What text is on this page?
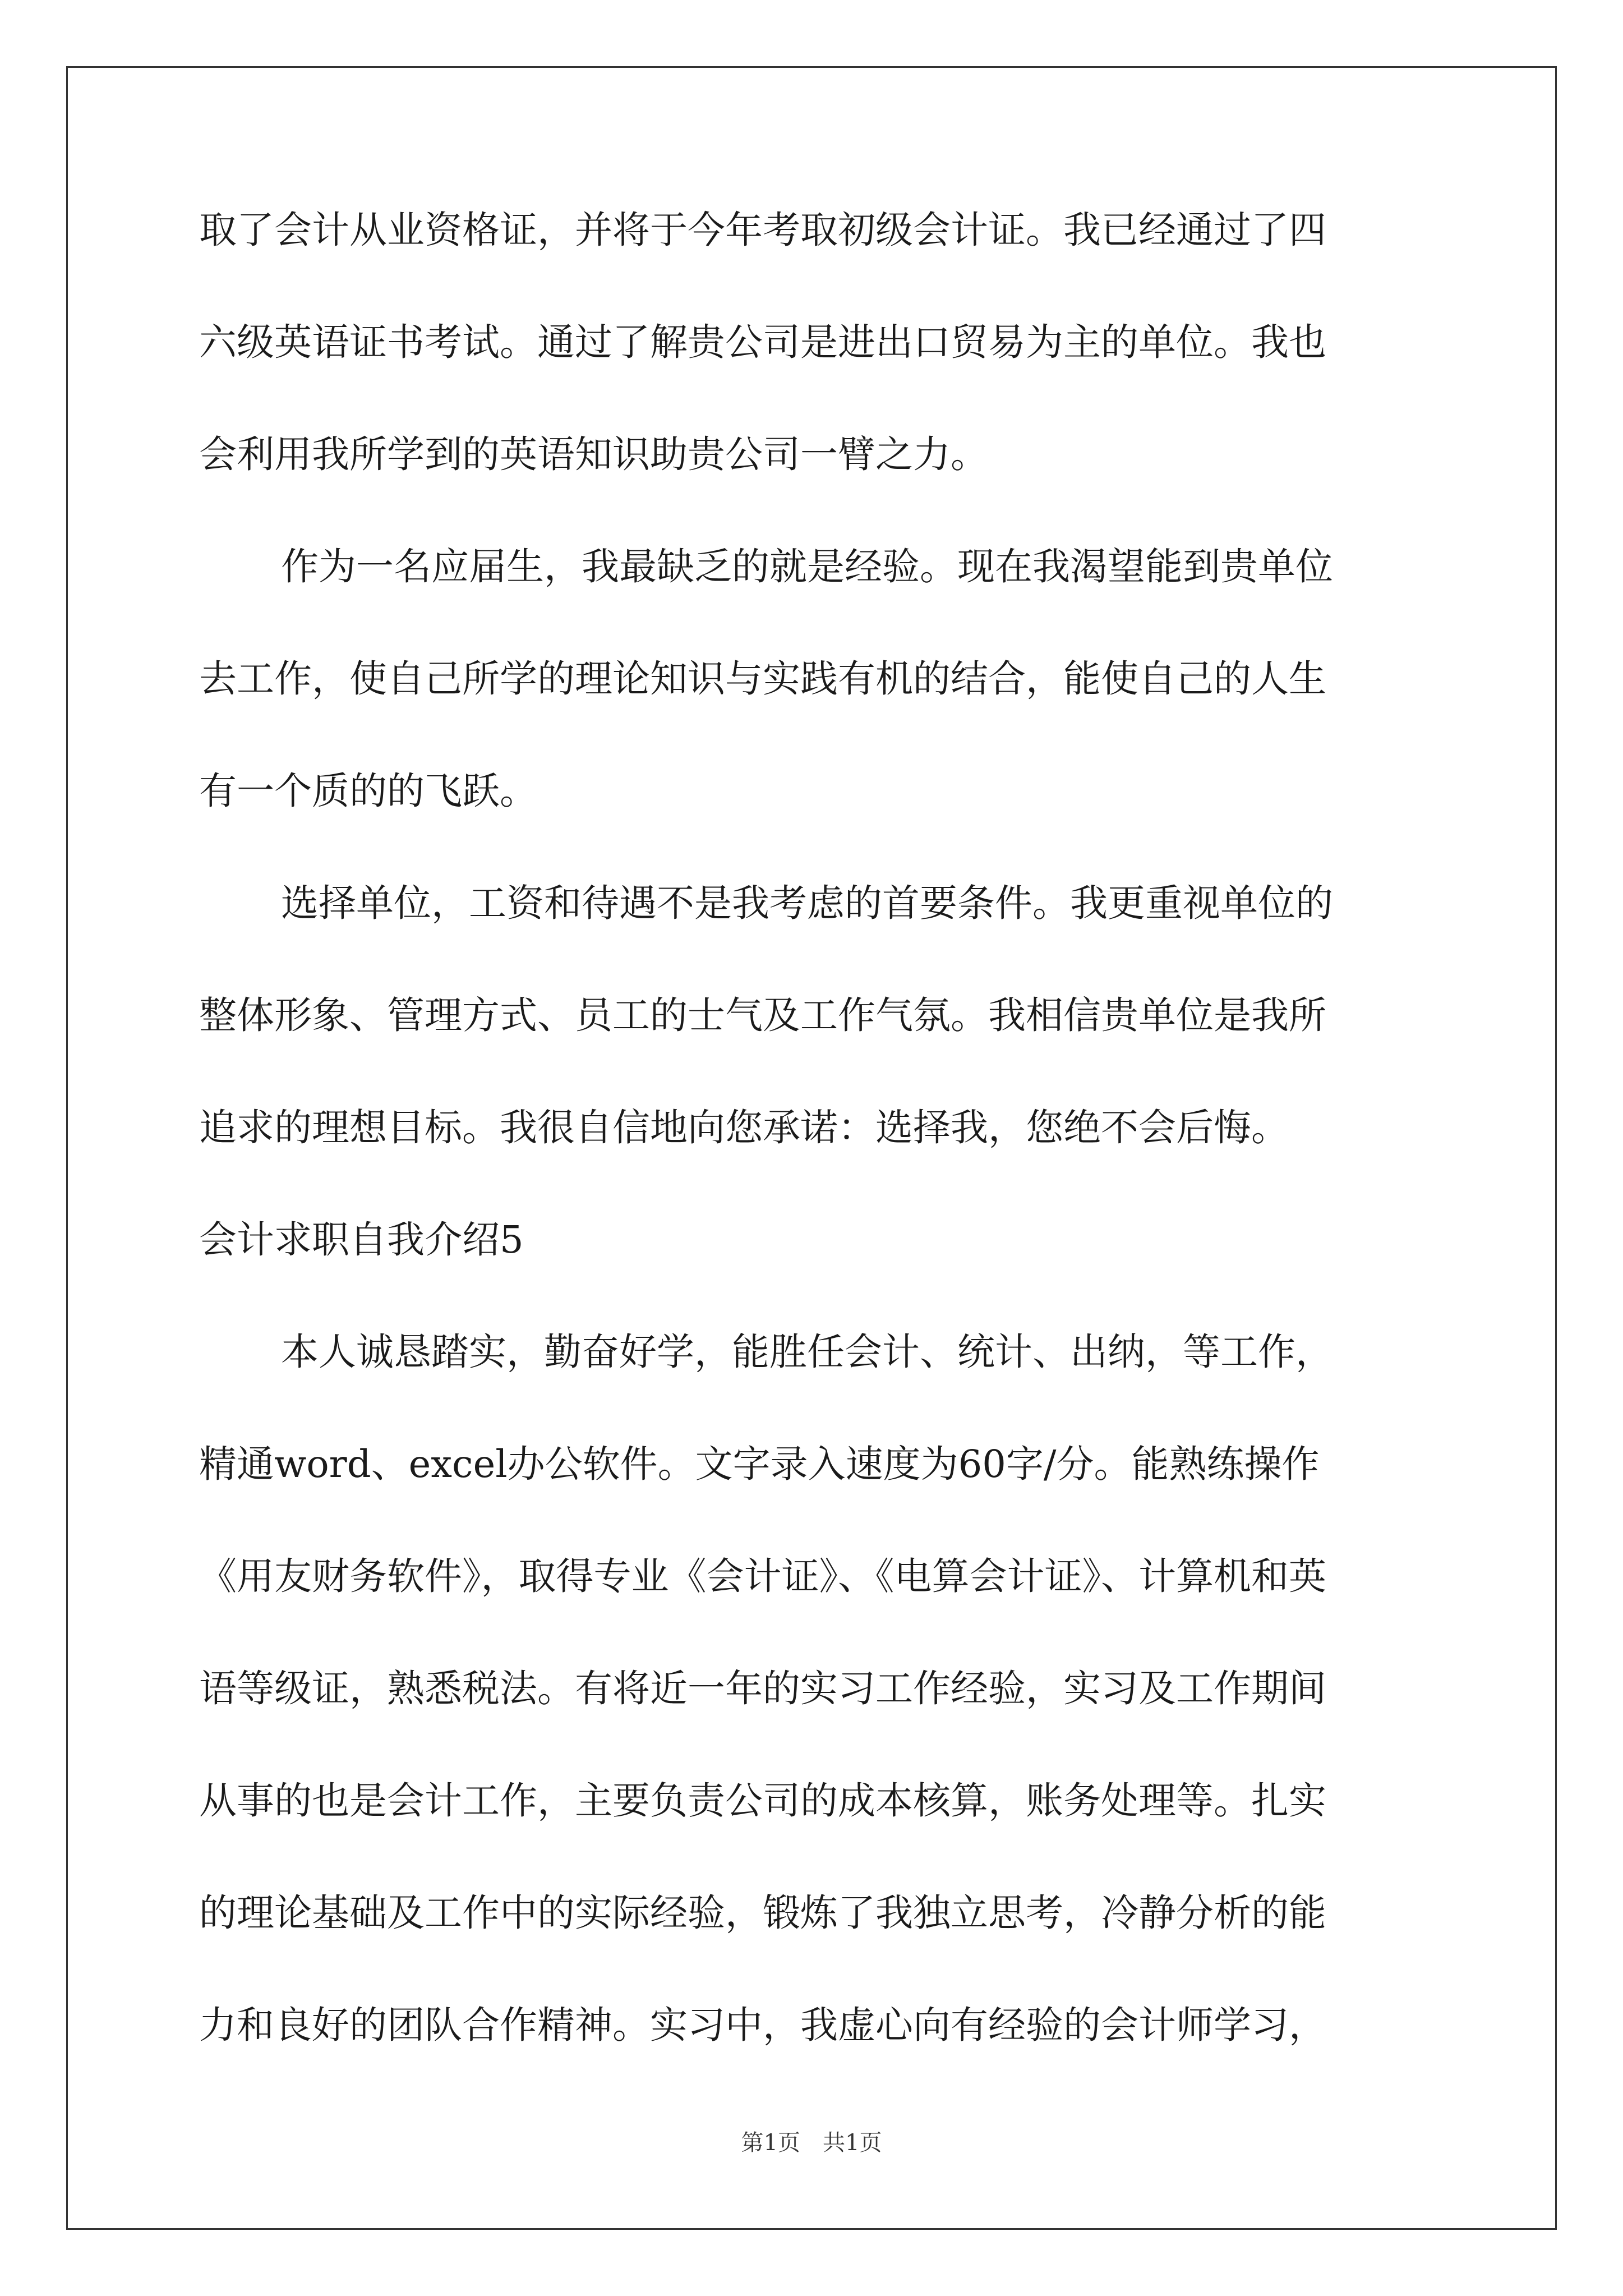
取了会计从业资格证，并将于今年考取初级会计证。我已经通过了四
六级英语证书考试。通过了解贵公司是进出口贸易为主的单位。我也
会利用我所学到的英语知识助贵公司一臂之力。
作为一名应届生，我最缺乏的就是经验。现在我渴望能到贵单位
去工作，使自己所学的理论知识与实践有机的结合，能使自己的人生
有一个质的的飞跃。
选择单位，工资和待遇不是我考虑的首要条件。我更重视单位的
整体形象、管理方式、员工的士气及工作气氛。我相信贵单位是我所
追求的理想目标。我很自信地向您承诺：选择我，您绝不会后悔。
会计求职自我介绍5
本人诚恳踏实，勤奋好学，能胜任会计、统计、出纳，等工作，
精通word、excel办公软件。文字录入速度为60字/分。能熟练操作
《用友财务软件》，取得专业《会计证》、《电算会计证》、计算机和英
语等级证，熟悉税法。有将近一年的实习工作经验，实习及工作期间
从事的也是会计工作，主要负责公司的成本核算，账务处理等。扎实
的理论基础及工作中的实际经验，锻炼了我独立思考，冷静分析的能
力和良好的团队合作精神。实习中，我虚心向有经验的会计师学习，
第1页　共1页
